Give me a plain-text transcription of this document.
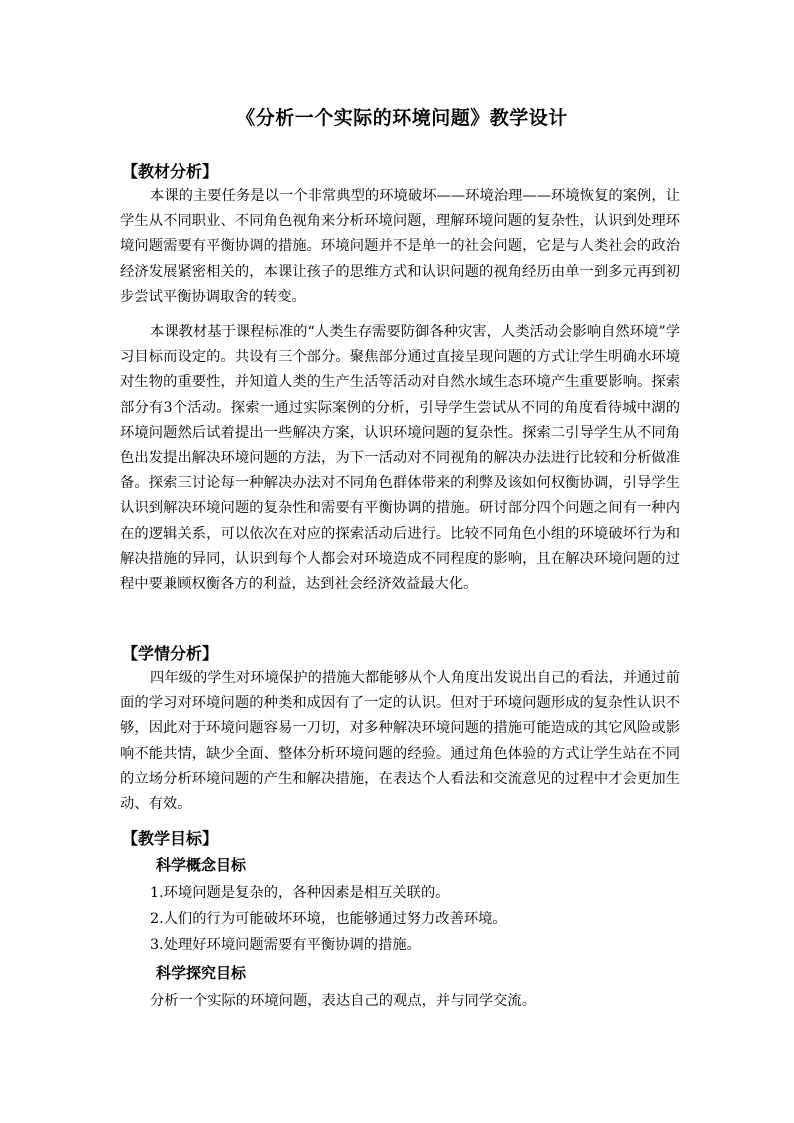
《分析一个实际的环境问题》教学设计
【教材分析】

本课的主要任务是以一个非常典型的环境破坏——环境治理——环境恢复的案例，让学生从不同职业、不同角色视角来分析环境问题，理解环境问题的复杂性，认识到处理环境问题需要有平衡协调的措施。环境问题并不是单一的社会问题，它是与人类社会的政治经济发展紧密相关的，本课让孩子的思维方式和认识问题的视角经历由单一到多元再到初步尝试平衡协调取舍的转变。

本课教材基于课程标准的“人类生存需要防御各种灾害，人类活动会影响自然环境”学习目标而设定的。共设有三个部分。聚焦部分通过直接呈现问题的方式让学生明确水环境对生物的重要性，并知道人类的生产生活等活动对自然水域生态环境产生重要影响。探索部分有3个活动。探索一通过实际案例的分析，引导学生尝试从不同的角度看待城中湖的环境问题然后试着提出一些解决方案，认识环境问题的复杂性。探索二引导学生从不同角色出发提出解决环境问题的方法，为下一活动对不同视角的解决办法进行比较和分析做准备。探索三讨论每一种解决办法对不同角色群体带来的利弊及该如何权衡协调，引导学生认识到解决环境问题的复杂性和需要有平衡协调的措施。研讨部分四个问题之间有一种内在的逻辑关系，可以依次在对应的探索活动后进行。比较不同角色小组的环境破坏行为和解决措施的异同，认识到每个人都会对环境造成不同程度的影响，且在解决环境问题的过程中要兼顾权衡各方的利益，达到社会经济效益最大化。

【学情分析】

四年级的学生对环境保护的措施大都能够从个人角度出发说出自己的看法，并通过前面的学习对环境问题的种类和成因有了一定的认识。但对于环境问题形成的复杂性认识不够，因此对于环境问题容易一刀切，对多种解决环境问题的措施可能造成的其它风险或影响不能共情，缺少全面、整体分析环境问题的经验。通过角色体验的方式让学生站在不同的立场分析环境问题的产生和解决措施，在表达个人看法和交流意见的过程中才会更加生动、有效。

【教学目标】
科学概念目标
1.环境问题是复杂的，各种因素是相互关联的。
2.人们的行为可能破坏环境，也能够通过努力改善环境。
3.处理好环境问题需要有平衡协调的措施。
科学探究目标
分析一个实际的环境问题，表达自己的观点，并与同学交流。
